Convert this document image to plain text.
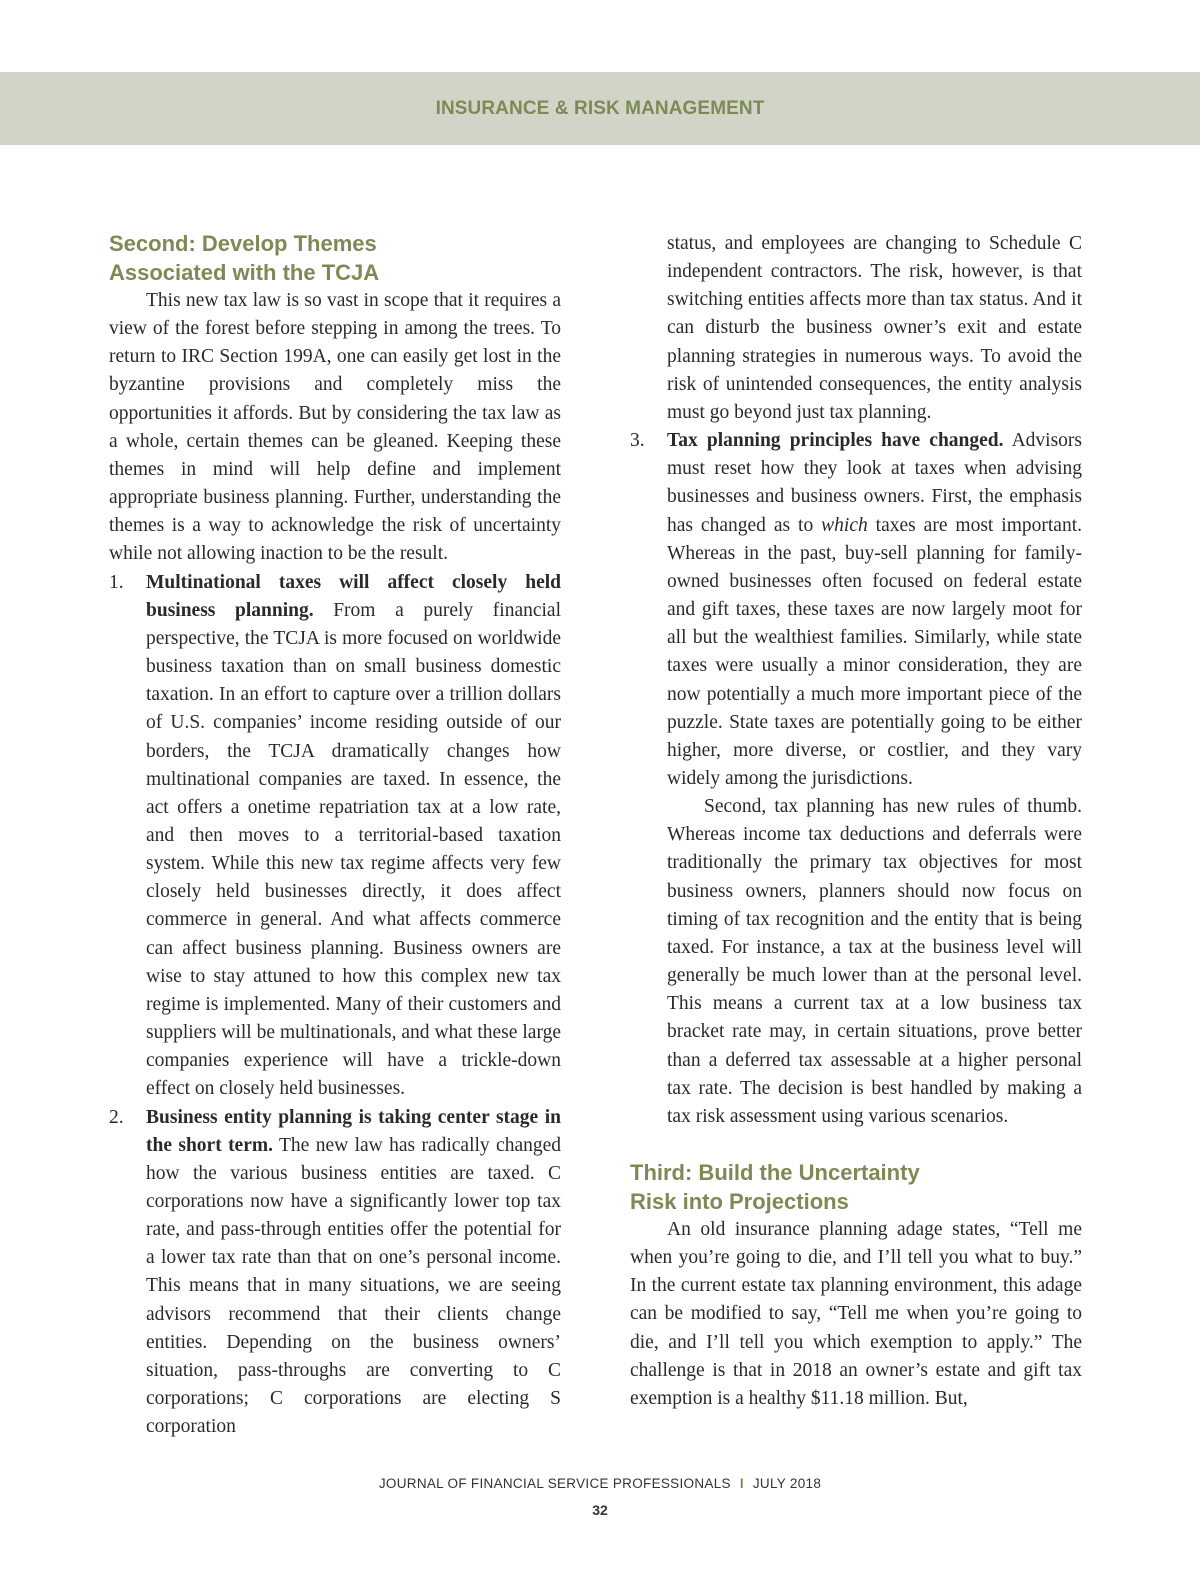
INSURANCE & RISK MANAGEMENT
Second: Develop Themes
Associated with the TCJA

This new tax law is so vast in scope that it requires a view of the forest before stepping in among the trees. To return to IRC Section 199A, one can easily get lost in the byzantine provisions and completely miss the opportunities it affords. But by considering the tax law as a whole, certain themes can be gleaned. Keeping these themes in mind will help define and implement appropriate business planning. Further, understanding the themes is a way to acknowledge the risk of uncertainty while not allowing inaction to be the result.

1. Multinational taxes will affect closely held business planning. From a purely financial perspective, the TCJA is more focused on worldwide business taxation than on small business domestic taxation. In an effort to capture over a trillion dollars of U.S. companies’ income residing outside of our borders, the TCJA dramatically changes how multinational companies are taxed. In essence, the act offers a onetime repatriation tax at a low rate, and then moves to a territorial-based taxation system. While this new tax regime affects very few closely held businesses directly, it does affect commerce in general. And what affects commerce can affect business planning. Business owners are wise to stay attuned to how this complex new tax regime is implemented. Many of their customers and suppliers will be multinationals, and what these large companies experience will have a trickle-down effect on closely held businesses.
2. Business entity planning is taking center stage in the short term. The new law has radically changed how the various business entities are taxed. C corporations now have a significantly lower top tax rate, and pass-through entities offer the potential for a lower tax rate than that on one’s personal income. This means that in many situations, we are seeing advisors recommend that their clients change entities. Depending on the business owners’ situation, pass-throughs are converting to C corporations; C corporations are electing S corporation

status, and employees are changing to Schedule C independent contractors. The risk, however, is that switching entities affects more than tax status. And it can disturb the business owner’s exit and estate planning strategies in numerous ways. To avoid the risk of unintended consequences, the entity analysis must go beyond just tax planning.

3. Tax planning principles have changed. Advisors must reset how they look at taxes when advising businesses and business owners. First, the emphasis has changed as to which taxes are most important. Whereas in the past, buy-sell planning for family-owned businesses often focused on federal estate and gift taxes, these taxes are now largely moot for all but the wealthiest families. Similarly, while state taxes were usually a minor consideration, they are now potentially a much more important piece of the puzzle. State taxes are potentially going to be either higher, more diverse, or costlier, and they vary widely among the jurisdictions.

Second, tax planning has new rules of thumb. Whereas income tax deductions and deferrals were traditionally the primary tax objectives for most business owners, planners should now focus on timing of tax recognition and the entity that is being taxed. For instance, a tax at the business level will generally be much lower than at the personal level. This means a current tax at a low business tax bracket rate may, in certain situations, prove better than a deferred tax assessable at a higher personal tax rate. The decision is best handled by making a tax risk assessment using various scenarios.

Third: Build the Uncertainty
Risk into Projections

An old insurance planning adage states, “Tell me when you’re going to die, and I’ll tell you what to buy.” In the current estate tax planning environment, this adage can be modified to say, “Tell me when you’re going to die, and I’ll tell you which exemption to apply.” The challenge is that in 2018 an owner’s estate and gift tax exemption is a healthy $11.18 million. But,

JOURNAL OF FINANCIAL SERVICE PROFESSIONALS I JULY 2018
32
